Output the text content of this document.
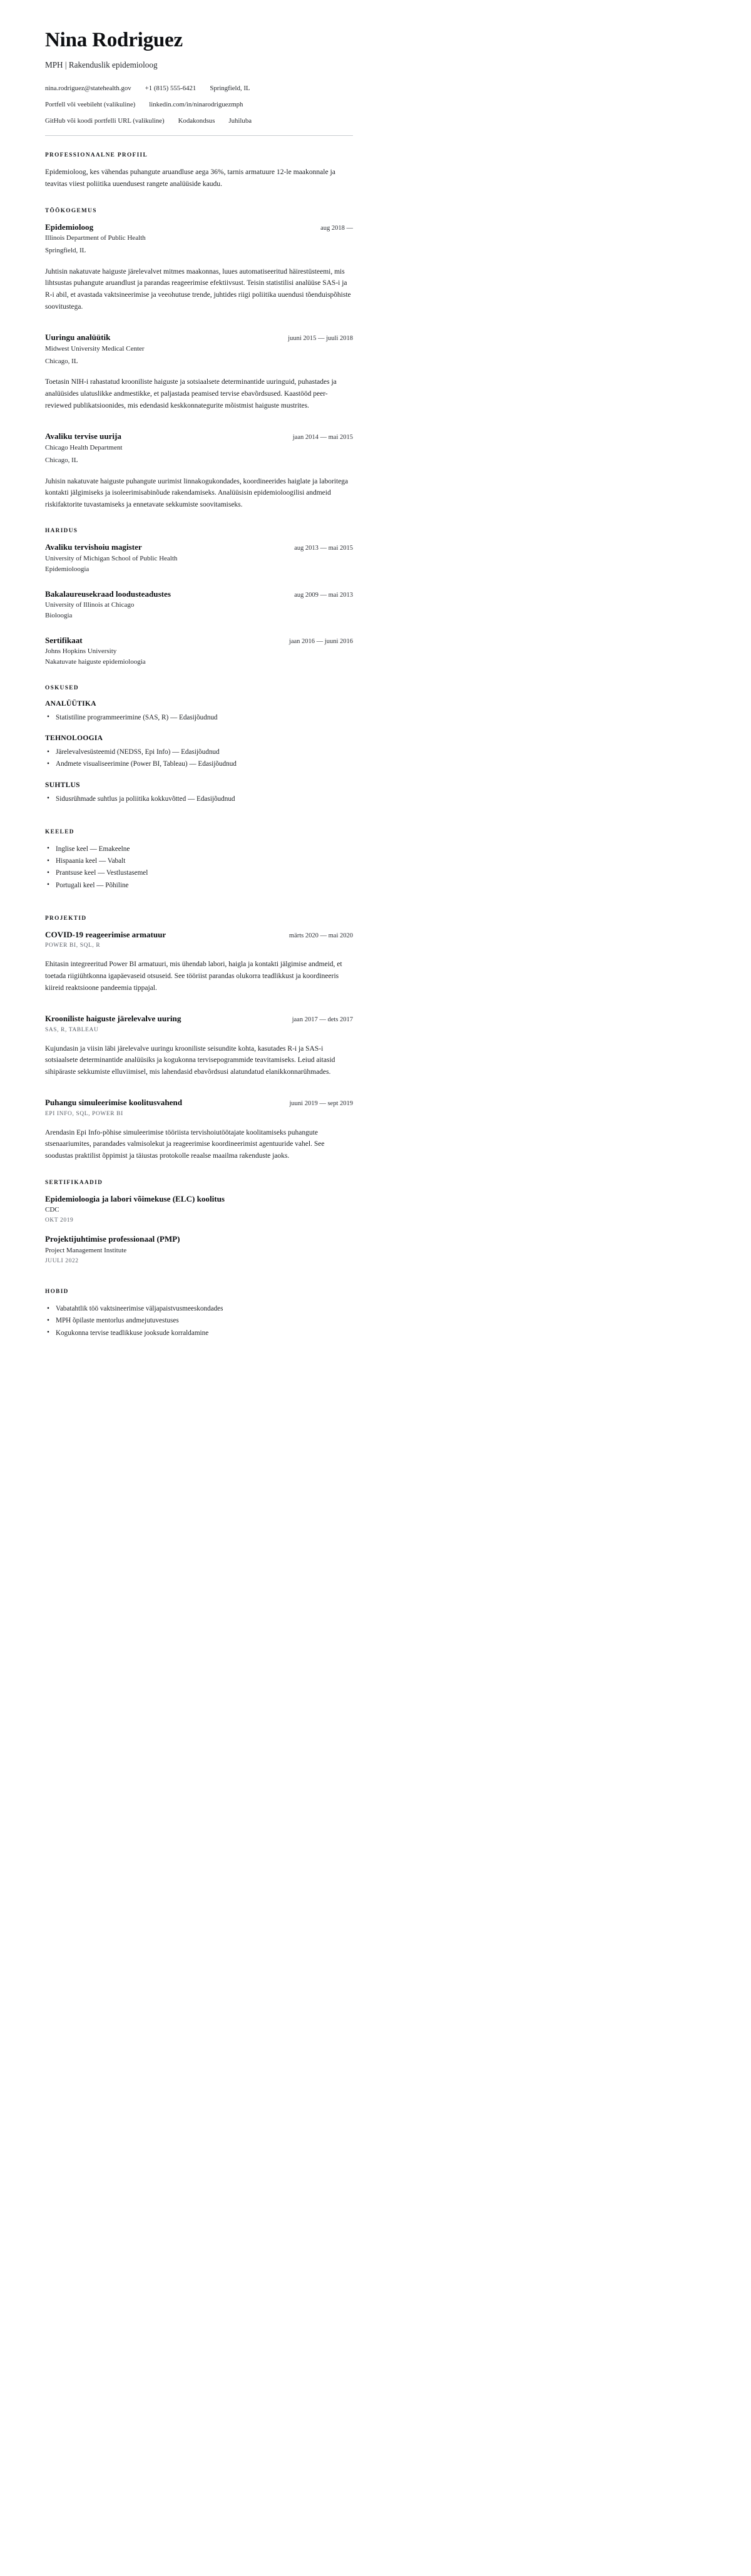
Nina Rodriguez
MPH | Rakenduslik epidemioloog
nina.rodriguez@statehealth.gov +1 (815) 555-6421 Springfield, IL
Portfell või veebileht (valikuline) linkedin.com/in/ninarodriguezmph
GitHub või koodi portfelli URL (valikuline) Kodakondsus Juhiluba
PROFESSIONAALNE PROFIIL

Epidemioloog, kes vähendas puhangute aruandluse aega 36%, tarnis armatuure 12-le maakonnale ja teavitas viiest poliitika uuendusest rangete analüüside kaudu.

TÖÖKOGEMUS
Epidemioloog	aug 2018 —
Illinois Department of Public Health
Springfield, IL

Juhtisin nakatuvate haiguste järelevalvet mitmes maakonnas, luues automatiseeritud häirestüsteemi, mis lihtsustas puhangute aruandlust ja parandas reageerimise efektiivsust. Teisin statistilisi analüüse SAS-i ja R-i abil, et avastada vaktsineerimise ja veeohutuse trende, juhtides riigi poliitika uuendusi tõenduispõhiste soovitustega.

Uuringu analüütik	juuni 2015 — juuli 2018
Midwest University Medical Center
Chicago, IL

Toetasin NIH-i rahastatud krooniliste haiguste ja sotsiaalsete determinantide uuringuid, puhastades ja analüüsides ulatuslikke andmestikke, et paljastada peamised tervise ebavõrdsused. Kaastööd peer-reviewed publikatsioonides, mis edendasid keskkonnategurite mõistmist haiguste mustrites.

Avaliku tervise uurija	jaan 2014 — mai 2015
Chicago Health Department
Chicago, IL

Juhisin nakatuvate haiguste puhangute uurimist linnakogukondades, koordineerides haiglate ja laboritega kontakti jälgimiseks ja isoleerimisabinõude rakendamiseks. Analüüsisin epidemioloogilisi andmeid riskifaktorite tuvastamiseks ja ennetavate sekkumiste soovitamiseks.

HARIDUS
Avaliku tervishoiu magister	aug 2013 — mai 2015
University of Michigan School of Public Health
Epidemioloogia
Bakalaureusekraad loodusteadustes	aug 2009 — mai 2013
University of Illinois at Chicago
Bioloogia
Sertifikaat	jaan 2016 — juuni 2016
Johns Hopkins University
Nakatuvate haiguste epidemioloogia
OSKUSED
ANALÜÜTIKA
• Statistiline programmeerimine (SAS, R) — Edasijõudnud
TEHNOLOOGIA
• Järelevalvesüsteemid (NEDSS, Epi Info) — Edasijõudnud
• Andmete visualiseerimine (Power BI, Tableau) — Edasijõudnud
SUHTLUS
• Sidusrühmade suhtlus ja poliitika kokkuvõtted — Edasijõudnud
KEELED
• Inglise keel — Emakeelne
• Hispaania keel — Vabalt
• Prantsuse keel — Vestlustasemel
• Portugali keel — Põhiline
PROJEKTID
COVID-19 reageerimise armatuur	märts 2020 — mai 2020
POWER BI, SQL, R

Ehitasin integreeritud Power BI armatuuri, mis ühendab labori, haigla ja kontakti jälgimise andmeid, et toetada riigiühtkonna igapäevaseid otsuseid. See tööriist parandas olukorra teadlikkust ja koordineeris kiireid reaktsioone pandeemia tippajal.

Krooniliste haiguste järelevalve uuring	jaan 2017 — dets 2017
SAS, R, TABLEAU

Kujundasin ja viisin läbi järelevalve uuringu krooniliste seisundite kohta, kasutades R-i ja SAS-i sotsiaalsete determinantide analüüsiks ja kogukonna tervisepogrammide teavitamiseks. Leiud aitasid sihipäraste sekkumiste elluviimisel, mis lahendasid ebavõrdsusi alatundatud elanikkonnarühmades.

Puhangu simuleerimise koolitusvahend	juuni 2019 — sept 2019
EPI INFO, SQL, POWER BI

Arendasin Epi Info-põhise simuleerimise tööriista tervishoiutöötajate koolitamiseks puhangute stsenaariumites, parandades valmisolekut ja reageerimise koordineerimist agentuuride vahel. See soodustas praktilist õppimist ja täiustas protokolle reaalse maailma rakenduste jaoks.

SERTIFIKAADID
Epidemioloogia ja labori võimekuse (ELC) koolitus
CDC
OKT 2019
Projektijuhtimise professionaal (PMP)
Project Management Institute
JUULI 2022
HOBID
• Vabatahtlik töö vaktsineerimise väljapaistvusmeeskondades
• MPH õpilaste mentorlus andmejutuvestuses
• Kogukonna tervise teadlikkuse jooksude korraldamine
